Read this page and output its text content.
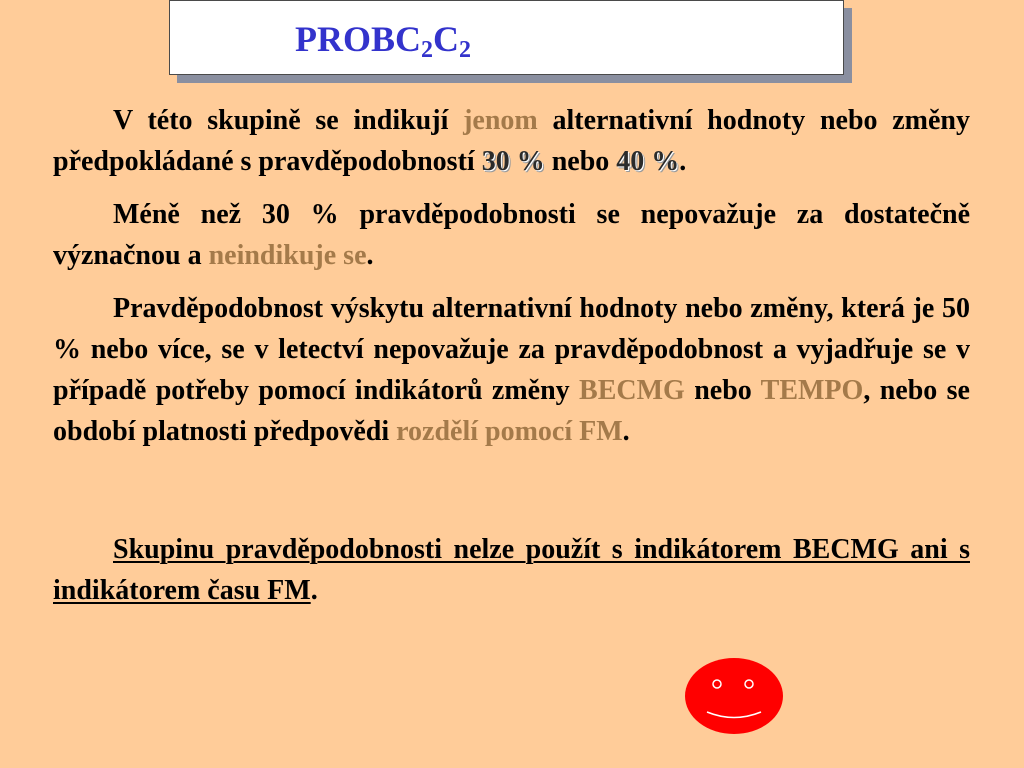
$PROBC_2C_2$

V této skupině se indikují jenom alternativní hodnoty nebo změny předpokládané s pravděpodobností 30 % nebo 40 %.

Méně než 30 % pravděpodobnosti se nepovažuje za dostatečně význačnou a neindikuje se.

Pravděpodobnost výskytu alternativní hodnoty nebo změny, která je 50 % nebo více, se v letectví nepovažuje za pravděpodobnost a vyjadřuje se v případě potřeby pomocí indikátorů změny BECMG nebo TEMPO, nebo se období platnosti předpovědi rozdělí pomocí FM.

Skupinu pravděpodobnosti nelze použít s indikátorem BECMG ani s indikátorem času FM.
